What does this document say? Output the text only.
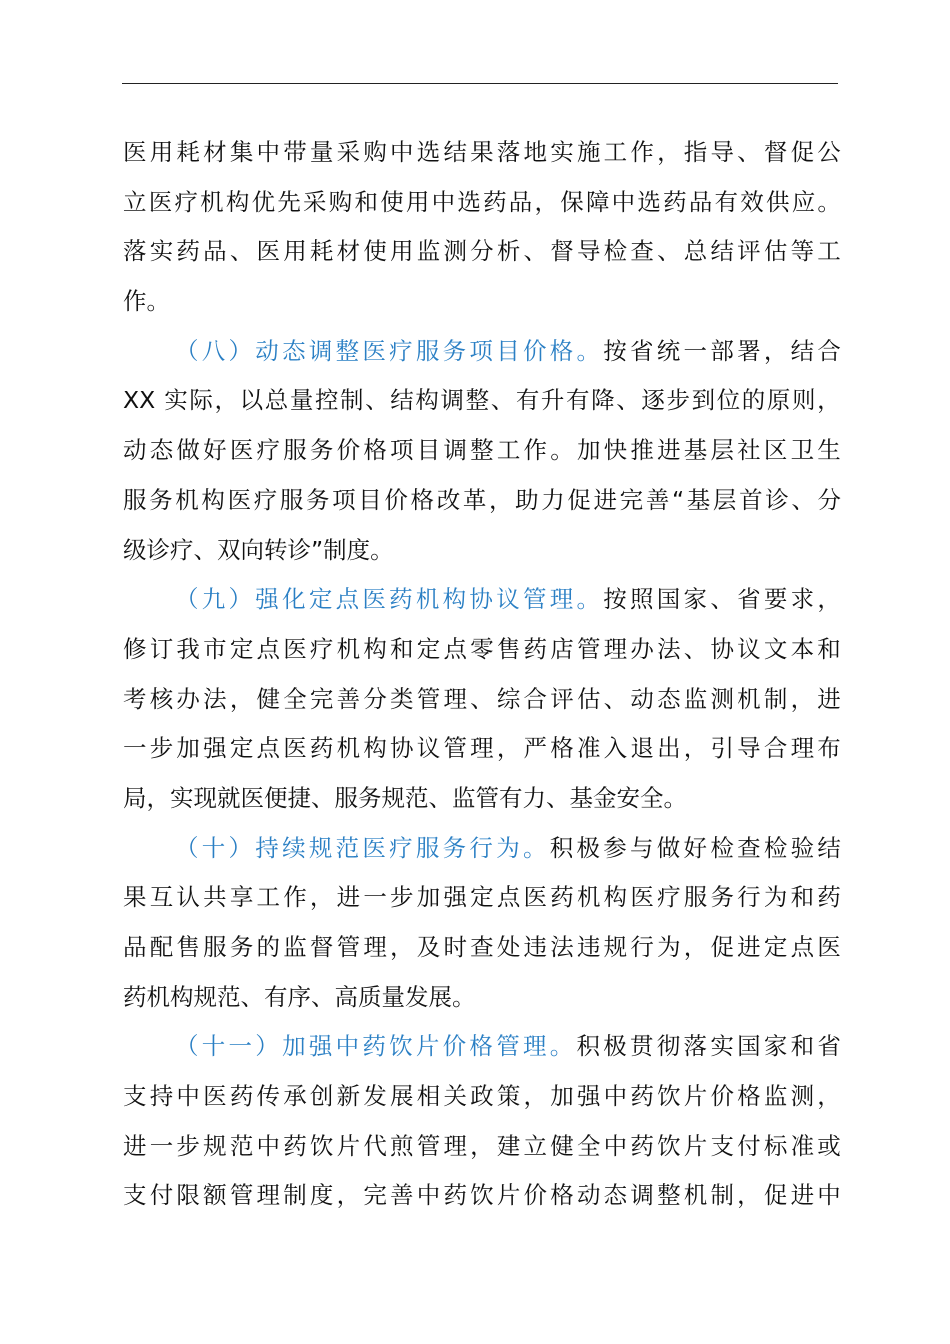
医 用 耗 材 集 中 带 量 采 购 中 选 结 果 落 地 实 施 工 作 ， 指 导 、 督 促 公
立 医 疗 机 构 优 先 采 购 和 使 用 中 选 药 品 ， 保 障 中 选 药 品 有 效 供 应 。
落 实 药 品 、 医 用 耗 材 使 用 监 测 分 析 、 督 导 检 查 、 总 结 评 估 等 工
作。
（ 八 ） 动 态 调 整 医 疗 服 务 项 目 价 格 。 按 省 统 一 部 署 ， 结 合
XX 实 际 ， 以 总 量 控 制 、 结 构 调 整 、 有 升 有 降 、 逐 步 到 位 的 原 则 ，
动 态 做 好 医 疗 服 务 价 格 项 目 调 整 工 作 。 加 快 推 进 基 层 社 区 卫 生
服 务 机 构 医 疗 服 务 项 目 价 格 改 革 ， 助 力 促 进 完 善 “ 基 层 首 诊 、 分
级诊疗、双向转诊”制度。
（ 九 ） 强 化 定 点 医 药 机 构 协 议 管 理 。 按 照 国 家 、 省 要 求 ，
修 订 我 市 定 点 医 疗 机 构 和 定 点 零 售 药 店 管 理 办 法 、 协 议 文 本 和
考 核 办 法 ， 健 全 完 善 分 类 管 理 、 综 合 评 估 、 动 态 监 测 机 制 ， 进
一 步 加 强 定 点 医 药 机 构 协 议 管 理 ， 严 格 准 入 退 出 ， 引 导 合 理 布
局，实现就医便捷、服务规范、监管有力、基金安全。
（ 十 ） 持 续 规 范 医 疗 服 务 行 为 。 积 极 参 与 做 好 检 查 检 验 结
果 互 认 共 享 工 作 ， 进 一 步 加 强 定 点 医 药 机 构 医 疗 服 务 行 为 和 药
品 配 售 服 务 的 监 督 管 理 ， 及 时 查 处 违 法 违 规 行 为 ， 促 进 定 点 医
药机构规范、有序、高质量发展。
（ 十 一 ） 加 强 中 药 饮 片 价 格 管 理 。 积 极 贯 彻 落 实 国 家 和 省
支 持 中 医 药 传 承 创 新 发 展 相 关 政 策 ， 加 强 中 药 饮 片 价 格 监 测 ，
进 一 步 规 范 中 药 饮 片 代 煎 管 理 ， 建 立 健 全 中 药 饮 片 支 付 标 准 或
支 付 限 额 管 理 制 度 ， 完 善 中 药 饮 片 价 格 动 态 调 整 机 制 ， 促 进 中
